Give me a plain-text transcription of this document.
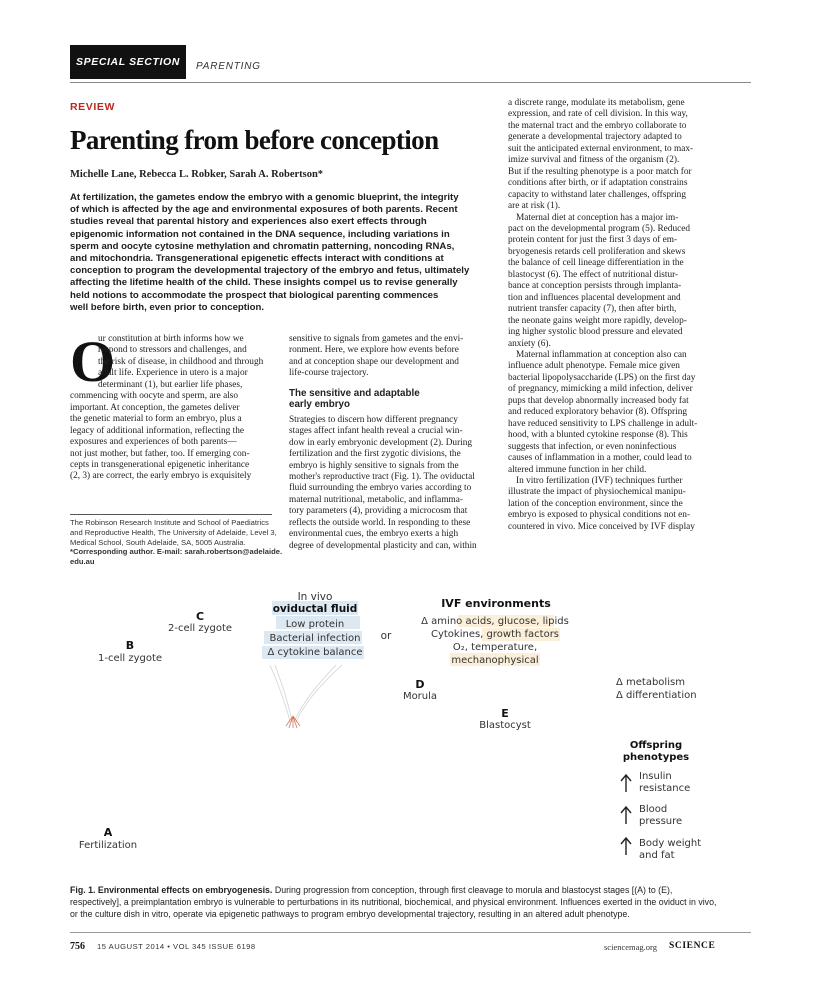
SPECIAL SECTION PARENTING
REVIEW
Parenting from before conception
Michelle Lane, Rebecca L. Robker, Sarah A. Robertson*
At fertilization, the gametes endow the embryo with a genomic blueprint, the integrity
of which is affected by the age and environmental exposures of both parents. Recent
studies reveal that parental history and experiences also exert effects through
epigenomic information not contained in the DNA sequence, including variations in
sperm and oocyte cytosine methylation and chromatin patterning, noncoding RNAs,
and mitochondria. Transgenerational epigenetic effects interact with conditions at
conception to program the developmental trajectory of the embryo and fetus, ultimately
affecting the lifetime health of the child. These insights compel us to revise generally
held notions to accommodate the prospect that biological parenting commences
well before birth, even prior to conception.
O
ur constitution at birth informs how we
respond to stressors and challenges, and
the risk of disease, in childhood and through
adult life. Experience in utero is a major
determinant (1), but earlier life phases,
commencing with oocyte and sperm, are also
important. At conception, the gametes deliver
the genetic material to form an embryo, plus a
legacy of additional information, reflecting the
exposures and experiences of both parents—
not just mother, but father, too. If emerging con-
cepts in transgenerational epigenetic inheritance
(2, 3) are correct, the early embryo is exquisitely
The Robinson Research Institute and School of Paediatrics
and Reproductive Health, The University of Adelaide, Level 3,
Medical School, South Adelaide, SA, 5005 Australia.
*Corresponding author. E-mail: sarah.robertson@adelaide.
edu.au
sensitive to signals from gametes and the envi-
ronment. Here, we explore how events before
and at conception shape our development and
life-course trajectory.
The sensitive and adaptable
early embryo
Strategies to discern how different pregnancy
stages affect infant health reveal a crucial win-
dow in early embryonic development (2). During
fertilization and the first zygotic divisions, the
embryo is highly sensitive to signals from the
mother's reproductive tract (Fig. 1). The oviductal
fluid surrounding the embryo varies according to
maternal nutritional, metabolic, and inflamma-
tory parameters (4), providing a microcosm that
reflects the outside world. In responding to these
environmental cues, the embryo exerts a high
degree of developmental plasticity and can, within
a discrete range, modulate its metabolism, gene
expression, and rate of cell division. In this way,
the maternal tract and the embryo collaborate to
generate a developmental trajectory adapted to
suit the anticipated external environment, to max-
imize survival and fitness of the organism (2).
But if the resulting phenotype is a poor match for
conditions after birth, or if adaptation constrains
capacity to withstand later challenges, offspring
are at risk (1).
Maternal diet at conception has a major im-
pact on the developmental program (5). Reduced
protein content for just the first 3 days of em-
bryogenesis retards cell proliferation and skews
the balance of cell lineage differentiation in the
blastocyst (6). The effect of nutritional distur-
bance at conception persists through implanta-
tion and influences placental development and
nutrient transfer capacity (7), then after birth,
the neonate gains weight more rapidly, develop-
ing higher systolic blood pressure and elevated
anxiety (6).
Maternal inflammation at conception also can
influence adult phenotype. Female mice given
bacterial lipopolysaccharide (LPS) on the first day
of pregnancy, mimicking a mild infection, deliver
pups that develop abnormally increased body fat
and reduced exploratory behavior (8). Offspring
have reduced sensitivity to LPS challenge in adult-
hood, with a blunted cytokine response (8). This
suggests that infection, or even noninfectious
causes of inflammation in a mother, could lead to
altered immune function in her child.
In vitro fertilization (IVF) techniques further
illustrate the impact of physiochemical manipu-
lation of the conception environment, since the
embryo is exposed to physical conditions not en-
countered in vivo. Mice conceived by IVF display
A
Fertilization
B
1-cell zygote
C
2-cell zygote
D
Morula
E
Blastocyst
In vivo
oviductal fluid
Low protein
Bacterial infection
Δ cytokine balance
or
IVF environments
Δ amino acids, glucose, lipids
Cytokines, growth factors
O₂, temperature,
mechanophysical
Δ metabolism
Δ differentiation
Offspring
phenotypes
Insulin
resistance
Blood
pressure
Body weight
and fat
Fig. 1. Environmental effects on embryogenesis. During progression from conception, through first cleavage to morula and blastocyst stages [(A) to (E),
respectively], a preimplantation embryo is vulnerable to perturbations in its nutritional, biochemical, and physical environment. Influences exerted in the oviduct in vivo,
or the culture dish in vitro, operate via epigenetic pathways to program embryo developmental trajectory, resulting in an altered adult phenotype.
756 15 AUGUST 2014 • VOL 345 ISSUE 6198	sciencemag.org SCIENCE
